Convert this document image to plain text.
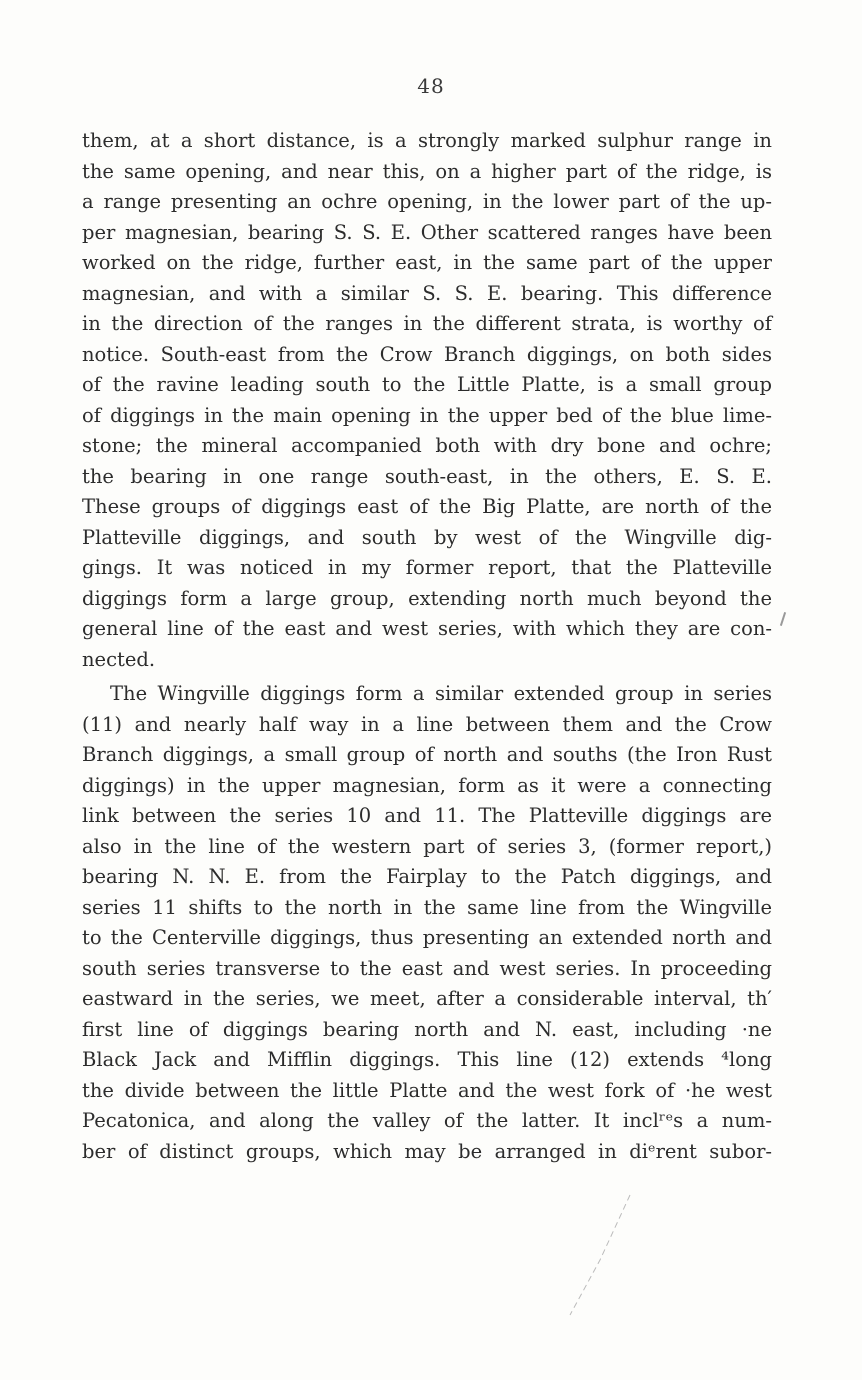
48
them, at a short distance, is a strongly marked sulphur range in
the same opening, and near this, on a higher part of the ridge, is
a range presenting an ochre opening, in the lower part of the up-
per magnesian, bearing S. S. E. Other scattered ranges have been
worked on the ridge, further east, in the same part of the upper
magnesian, and with a similar S. S. E. bearing. This difference
in the direction of the ranges in the different strata, is worthy of
notice. South-east from the Crow Branch diggings, on both sides
of the ravine leading south to the Little Platte, is a small group
of diggings in the main opening in the upper bed of the blue lime-
stone; the mineral accompanied both with dry bone and ochre;
the bearing in one range south-east, in the others, E. S. E.
These groups of diggings east of the Big Platte, are north of the
Platteville diggings, and south by west of the Wingville dig-
gings. It was noticed in my former report, that the Platteville
diggings form a large group, extending north much beyond the
general line of the east and west series, with which they are con-
nected.
The Wingville diggings form a similar extended group in series
(11) and nearly half way in a line between them and the Crow
Branch diggings, a small group of north and souths (the Iron Rust
diggings) in the upper magnesian, form as it were a connecting
link between the series 10 and 11. The Platteville diggings are
also in the line of the western part of series 3, (former report,)
bearing N. N. E. from the Fairplay to the Patch diggings, and
series 11 shifts to the north in the same line from the Wingville
to the Centerville diggings, thus presenting an extended north and
south series transverse to the east and west series. In proceeding
eastward in the series, we meet, after a considerable interval, th′
first line of diggings bearing north and N. east, including ·ne
Black Jack and Mifflin diggings. This line (12) extends ⁴long
the divide between the little Platte and the west fork of ·he west
Pecatonica, and along the valley of the latter. It inclʳᵉs a num-
ber of distinct groups, which may be arranged in diᵉrent subor-
